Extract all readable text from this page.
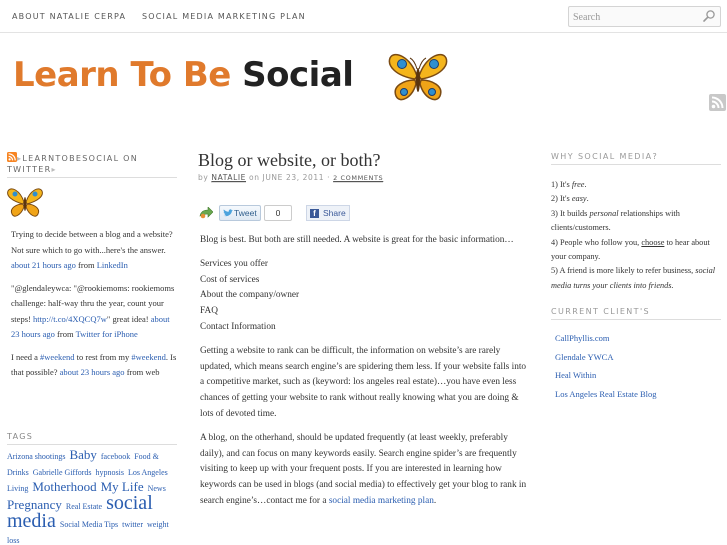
ABOUT NATALIE CERPA SOCIAL MEDIA MARKETING PLAN
Search
Learn To Be Social
▸LEARNTOBESOCIAL ON TWITTER▸

Trying to decide between a blog and a website? Not sure which to go with...here's the answer. about 21 hours ago from LinkedIn

"@glendaleywca: "@rookiemoms: rookiemoms challenge: half-way thru the year, count your steps! http://t.co/4XQCQ7w" great idea! about 23 hours ago from Twitter for iPhone

I need a #weekend to rest from my #weekend. Is that possible? about 23 hours ago from web

TAGS
Arizona shootings Baby facebook Food & Drinks Gabrielle Giffords hypnosis Los Angeles Living Motherhood My Life News Pregnancy Real Estate social media Social Media Tips twitter weight loss
Blog or website, or both?
by NATALIE on JUNE 23, 2011 · 2 COMMENTS
Tweet	0	f Share

Blog is best. But both are still needed. A website is great for the basic information…

Services you offer
Cost of services
About the company/owner
FAQ
Contact Information

Getting a website to rank can be difficult, the information on website’s are rarely updated, which means search engine’s are spidering them less. If your website falls into a competitive market, such as (keyword: los angeles real estate)…you have even less chances of getting your website to rank without really knowing what you are doing & lots of devoted time.

A blog, on the otherhand, should be updated frequently (at least weekly, preferably daily), and can focus on many keywords easily. Search engine spider’s are frequently visiting to keep up with your frequent posts. If you are interested in learning how keywords can be used in blogs (and social media) to effectively get your blog to rank in search engine’s…contact me for a social media marketing plan.

WHY SOCIAL MEDIA?
1) It's free.
2) It's easy.
3) It builds personal relationships with clients/customers.
4) People who follow you, choose to hear about your company.
5) A friend is more likely to refer business, social media turns your clients into friends.
CURRENT CLIENT'S
CallPhyllis.com
Glendale YWCA
Heal Within
Los Angeles Real Estate Blog
